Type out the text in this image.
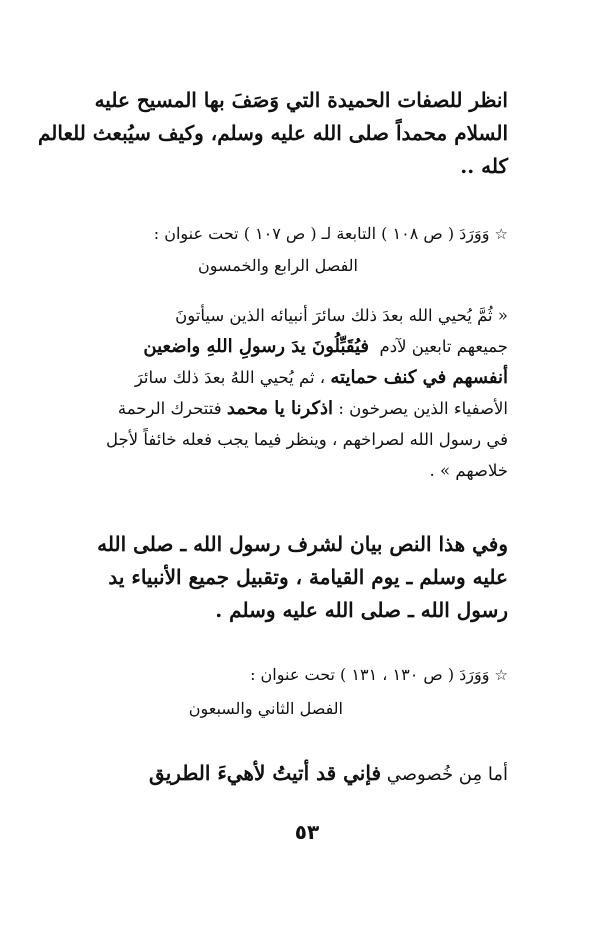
انظر للصفات الحميدة التي وَصَفَ بها المسيح عليه
السلام محمداً صلى الله عليه وسلم، وكيف سيُبعث للعالم
كله ..
☆ وَوَرَدَ ( ص ١٠٨ ) التابعة لـ ( ص ١٠٧ ) تحت عنوان :
الفصل الرابع والخمسون
« ثُمَّ يُحيي الله بعدَ ذلك سائرَ أنبيائه الذين سيأتونَ
جميعهم تابعين لآدم  فيُقَبِّلُونَ يدَ رسولِ اللهِ واضعين
أنفسهم في كنف حمايته ، ثم يُحيي اللهُ بعدَ ذلك سائرَ
الأصفياء الذين يصرخون : اذكرنا يا محمد فتتحرك الرحمة
في رسول الله لصراخهم ، وينظر فيما يجب فعله خائفاً لأجل
خلاصهم » .
وفي هذا النص بيان لشرف رسول الله ـ صلى الله
عليه وسلم ـ يوم القيامة ، وتقبيل جميع الأنبياء يد
رسول الله ـ صلى الله عليه وسلم .
☆ وَوَرَدَ ( ص ١٣٠ ، ١٣١ ) تحت عنوان :
الفصل الثاني والسبعون
أما مِن خُصوصي فإني قد أتيتُ لأهيءَ الطريق
٥٣
